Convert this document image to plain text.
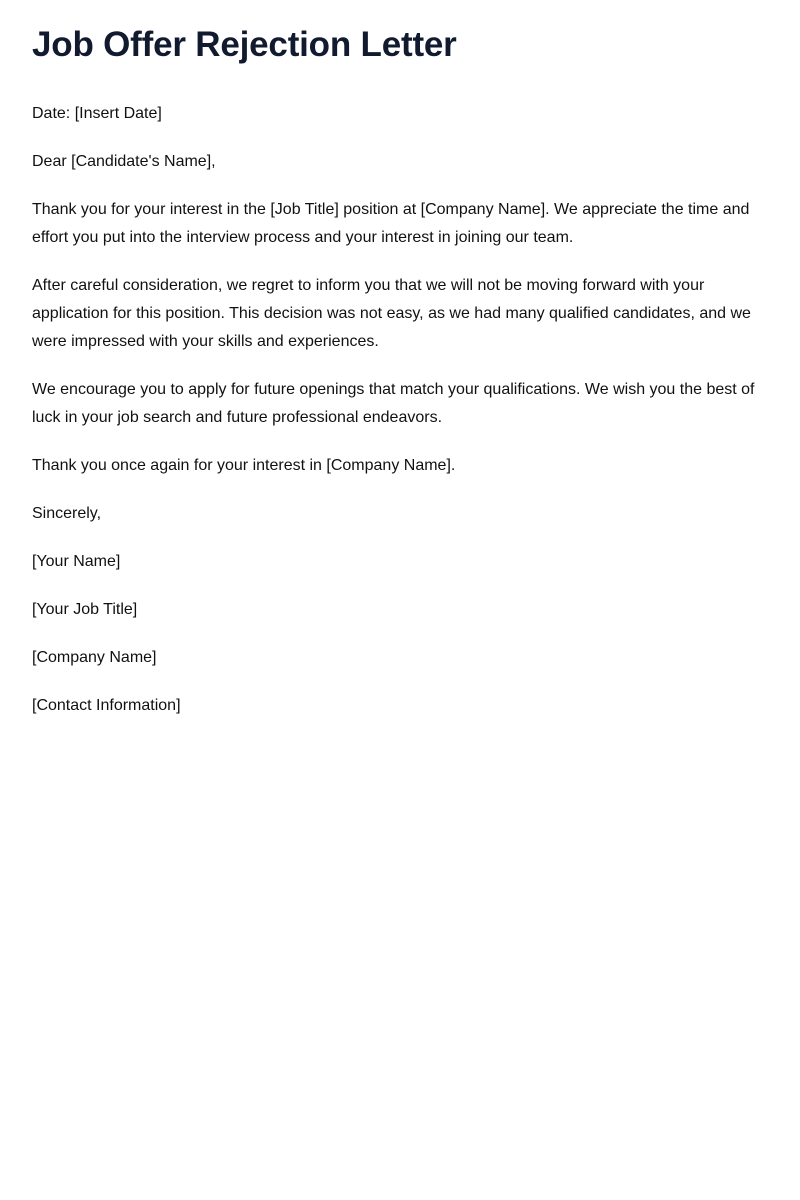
Job Offer Rejection Letter

Date: [Insert Date]

Dear [Candidate's Name],

Thank you for your interest in the [Job Title] position at [Company Name]. We appreciate the time and effort you put into the interview process and your interest in joining our team.

After careful consideration, we regret to inform you that we will not be moving forward with your application for this position. This decision was not easy, as we had many qualified candidates, and we were impressed with your skills and experiences.

We encourage you to apply for future openings that match your qualifications. We wish you the best of luck in your job search and future professional endeavors.

Thank you once again for your interest in [Company Name].

Sincerely,

[Your Name]

[Your Job Title]

[Company Name]

[Contact Information]
